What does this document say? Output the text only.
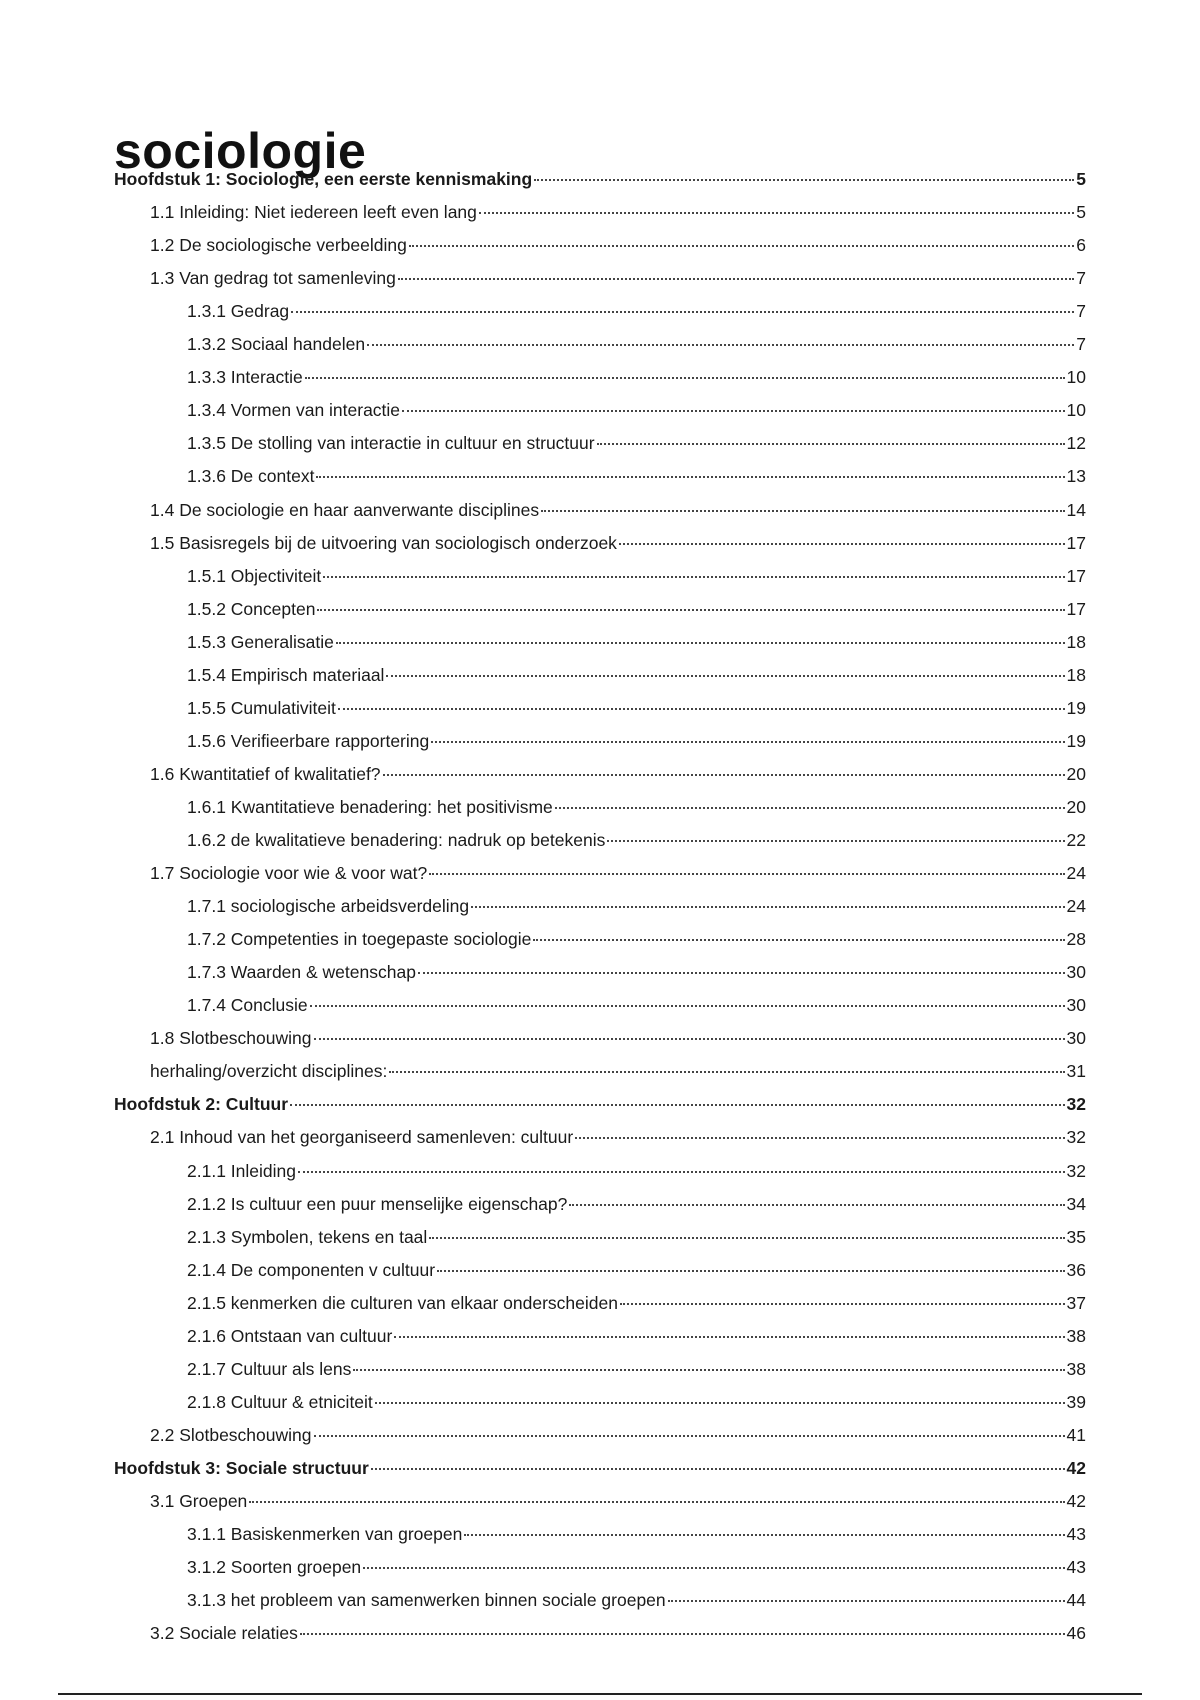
sociologie
Hoofdstuk 1: Sociologie, een eerste kennismaking	5
1.1 Inleiding: Niet iedereen leeft even lang	5
1.2 De sociologische verbeelding	6
1.3 Van gedrag tot samenleving	7
1.3.1 Gedrag	7
1.3.2 Sociaal handelen	7
1.3.3 Interactie	10
1.3.4 Vormen van interactie	10
1.3.5 De stolling van interactie in cultuur en structuur	12
1.3.6 De context	13
1.4 De sociologie en haar aanverwante disciplines	14
1.5 Basisregels bij de uitvoering van sociologisch onderzoek	17
1.5.1 Objectiviteit	17
1.5.2 Concepten	17
1.5.3 Generalisatie	18
1.5.4 Empirisch materiaal	18
1.5.5 Cumulativiteit	19
1.5.6 Verifieerbare rapportering	19
1.6 Kwantitatief of kwalitatief?	20
1.6.1 Kwantitatieve benadering: het positivisme	20
1.6.2 de kwalitatieve benadering: nadruk op betekenis	22
1.7 Sociologie voor wie & voor wat?	24
1.7.1 sociologische arbeidsverdeling	24
1.7.2 Competenties in toegepaste sociologie	28
1.7.3 Waarden & wetenschap	30
1.7.4 Conclusie	30
1.8 Slotbeschouwing	30
herhaling/overzicht disciplines:	31
Hoofdstuk 2: Cultuur	32
2.1 Inhoud van het georganiseerd samenleven: cultuur	32
2.1.1 Inleiding	32
2.1.2 Is cultuur een puur menselijke eigenschap?	34
2.1.3 Symbolen, tekens en taal	35
2.1.4 De componenten v cultuur	36
2.1.5 kenmerken die culturen van elkaar onderscheiden	37
2.1.6 Ontstaan van cultuur	38
2.1.7 Cultuur als lens	38
2.1.8 Cultuur & etniciteit	39
2.2 Slotbeschouwing	41
Hoofdstuk 3: Sociale structuur	42
3.1 Groepen	42
3.1.1 Basiskenmerken van groepen	43
3.1.2 Soorten groepen	43
3.1.3 het probleem van samenwerken binnen sociale groepen	44
3.2 Sociale relaties	46
